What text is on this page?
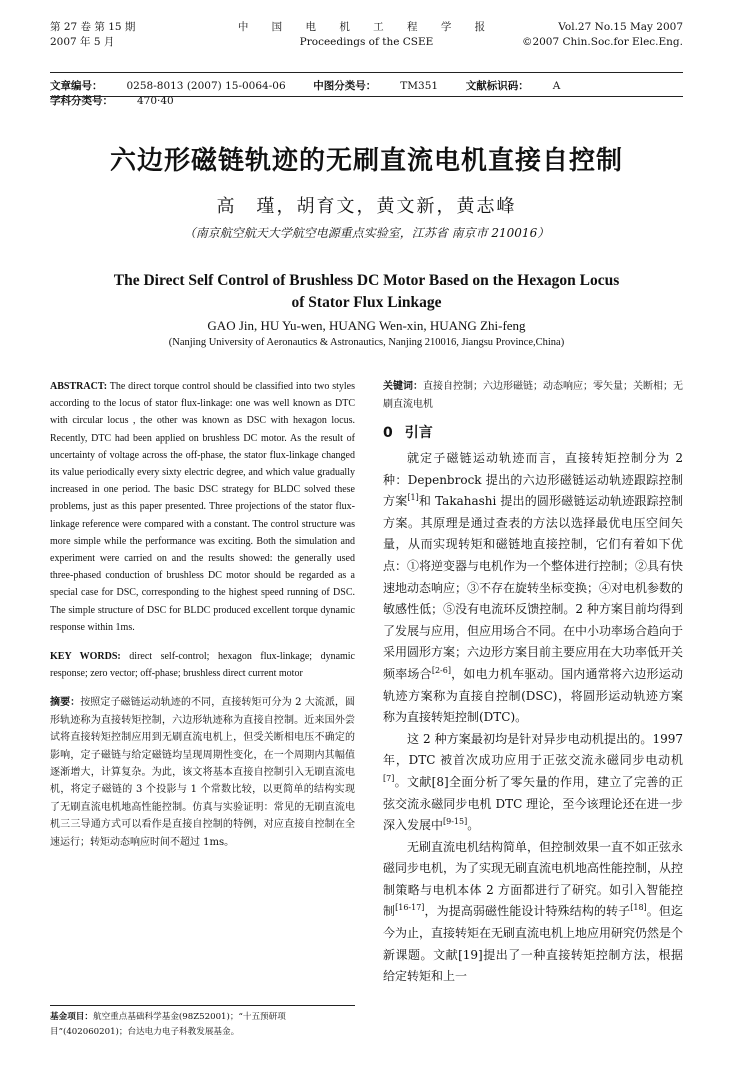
第 27 卷 第 15 期
2007 年 5 月
中 国 电 机 工 程 学 报
Proceedings of the CSEE
Vol.27 No.15 May 2007
©2007 Chin.Soc.for Elec.Eng.
文章编号： 0258-8013 (2007) 15-0064-06	中图分类号： TM351	文献标识码： A 学科分类号： 470·40
六边形磁链轨迹的无刷直流电机直接自控制
高　瑾，胡育文，黄文新，黄志峰
（南京航空航天大学航空电源重点实验室，江苏省 南京市 210016）
The Direct Self Control of Brushless DC Motor Based on the Hexagon Locus
of Stator Flux Linkage
GAO Jin, HU Yu-wen, HUANG Wen-xin, HUANG Zhi-feng
(Nanjing University of Aeronautics & Astronautics, Nanjing 210016, Jiangsu Province,China)

ABSTRACT: The direct torque control should be classified into two styles according to the locus of stator flux-linkage: one was well known as DTC with circular locus , the other was known as DSC with hexagon locus. Recently, DTC had been applied on brushless DC motor. As the result of uncertainty of voltage across the off-phase, the stator flux-linkage changed its value periodically every sixty electric degree, and which value gradually increased in one period. The basic DSC strategy for BLDC solved these problems, just as this paper presented. Three projections of the stator flux-linkage reference were compared with a constant. The control structure was more simple while the performance was exciting. Both the simulation and experiment were carried on and the results showed: the generally used three-phased conduction of brushless DC motor should be regarded as a special case for DSC, corresponding to the highest speed running of DSC. The simple structure of DSC for BLDC produced excellent torque dynamic response within 1ms.

KEY WORDS: direct self-control; hexagon flux-linkage; dynamic response; zero vector; off-phase; brushless direct current motor

摘要：按照定子磁链运动轨迹的不同，直接转矩可分为 2 大流派，圆形轨迹称为直接转矩控制，六边形轨迹称为直接自控制。近来国外尝试将直接转矩控制应用到无刷直流电机上，但受关断相电压不确定的影响，定子磁链与给定磁链均呈现周期性变化，在一个周期内其幅值逐渐增大，计算复杂。为此，该文将基本直接自控制引入无刷直流电机，将定子磁链的 3 个投影与 1 个常数比较，以更简单的结构实现了无刷直流电机地高性能控制。仿真与实验证明：常见的无刷直流电机三三导通方式可以看作是直接自控制的特例，对应直接自控制在全速运行；转矩动态响应时间不超过 1ms。

基金项目：航空重点基础科学基金(98Z52001)；“十五预研项目”(402060201)；台达电力电子科教发展基金。

关键词：直接自控制；六边形磁链；动态响应；零矢量；关断相；无刷直流电机

0 引言

就定子磁链运动轨迹而言，直接转矩控制分为 2 种：Depenbrock 提出的六边形磁链运动轨迹跟踪控制方案[1]和 Takahashi 提出的圆形磁链运动轨迹跟踪控制方案。其原理是通过查表的方法以选择最优电压空间矢量，从而实现转矩和磁链地直接控制，它们有着如下优点：①将逆变器与电机作为一个整体进行控制；②具有快速地动态响应；③不存在旋转坐标变换；④对电机参数的敏感性低；⑤没有电流环反馈控制。2 种方案目前均得到了发展与应用，但应用场合不同。在中小功率场合趋向于采用圆形方案；六边形方案目前主要应用在大功率低开关频率场合[2-6]，如电力机车驱动。国内通常将六边形运动轨迹方案称为直接自控制(DSC)，将圆形运动轨迹方案称为直接转矩控制(DTC)。

这 2 种方案最初均是针对异步电动机提出的。1997 年，DTC 被首次成功应用于正弦交流永磁同步电动机[7]。文献[8]全面分析了零矢量的作用，建立了完善的正弦交流永磁同步电机 DTC 理论，至今该理论还在进一步深入发展中[9-15]。

无刷直流电机结构简单，但控制效果一直不如正弦永磁同步电机，为了实现无刷直流电机地高性能控制，从控制策略与电机本体 2 方面都进行了研究。如引入智能控制[16-17]，为提高弱磁性能设计特殊结构的转子[18]。但迄今为止，直接转矩在无刷直流电机上地应用研究仍然是个新课题。文献[19]提出了一种直接转矩控制方法，根据给定转矩和上一
